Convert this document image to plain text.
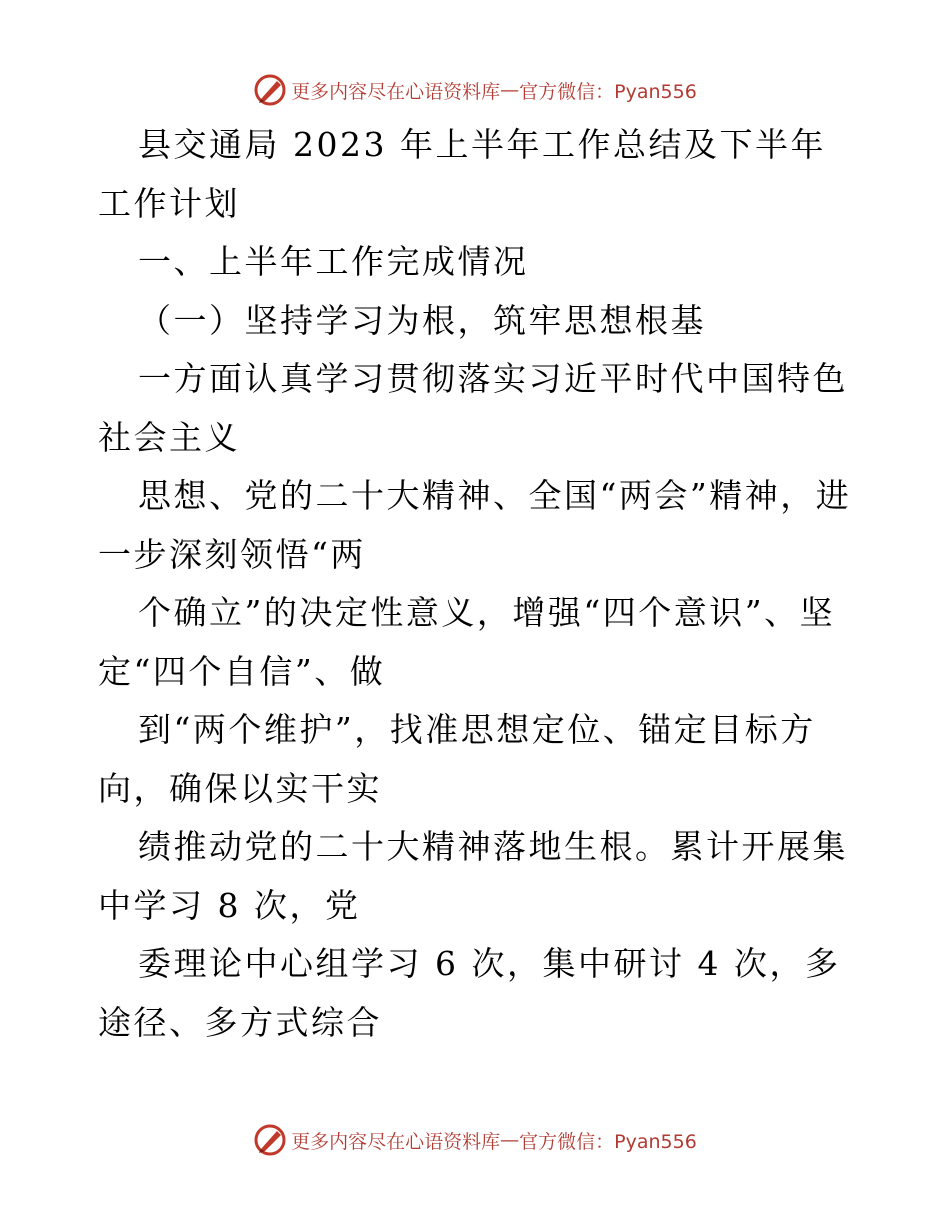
更多内容尽在心语资料库 — 官方微信：Pyan556

县交通局 2023 年上半年工作总结及下半年工作计划

一、上半年工作完成情况

（一）坚持学习为根，筑牢思想根基

一方面认真学习贯彻落实习近平时代中国特色社会主义

思想、党的二十大精神、全国“两会”精神，进一步深刻领悟“两

个确立”的决定性意义，增强“四个意识”、坚定“四个自信”、做

到“两个维护”，找准思想定位、锚定目标方向，确保以实干实

绩推动党的二十大精神落地生根。累计开展集中学习 8 次，党

委理论中心组学习 6 次，集中研讨 4 次，多途径、多方式综合

更多内容尽在心语资料库 — 官方微信：Pyan556
